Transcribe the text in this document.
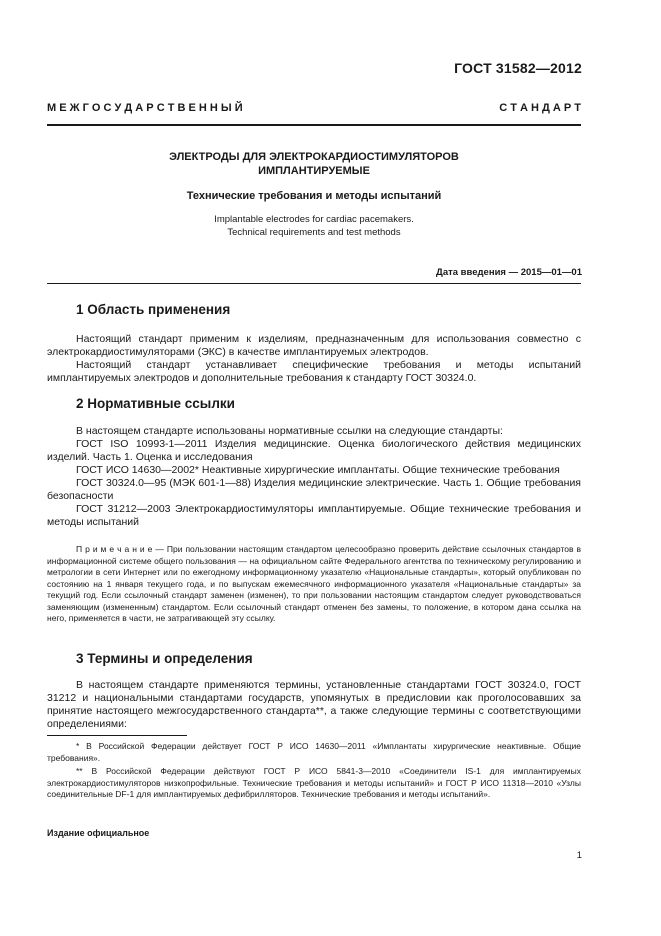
ГОСТ 31582—2012
М Е Ж Г О С У Д А Р С Т В Е Н Н Ы Й	С Т А Н Д А Р Т
ЭЛЕКТРОДЫ ДЛЯ ЭЛЕКТРОКАРДИОСТИМУЛЯТОРОВ
ИМПЛАНТИРУЕМЫЕ
Технические требования и методы испытаний
Implantable electrodes for cardiac pacemakers.
Technical requirements and test methods
Дата введения — 2015—01—01
1 Область применения

Настоящий стандарт применим к изделиям, предназначенным для использования совместно с электрокардиостимуляторами (ЭКС) в качестве имплантируемых электродов.

Настоящий стандарт устанавливает специфические требования и методы испытаний имплантируемых электродов и дополнительные требования к стандарту ГОСТ 30324.0.

2 Нормативные ссылки

В настоящем стандарте использованы нормативные ссылки на следующие стандарты:

ГОСТ ISO 10993-1—2011 Изделия медицинские. Оценка биологического действия медицинских изделий. Часть 1. Оценка и исследования

ГОСТ ИСО 14630—2002* Неактивные хирургические имплантаты. Общие технические требования

ГОСТ 30324.0—95 (МЭК 601-1—88) Изделия медицинские электрические. Часть 1. Общие требования безопасности

ГОСТ 31212—2003 Электрокардиостимуляторы имплантируемые. Общие технические требования и методы испытаний

П р и м е ч а н и е — При пользовании настоящим стандартом целесообразно проверить действие ссылочных стандартов в информационной системе общего пользования — на официальном сайте Федерального агентства по техническому регулированию и метрологии в сети Интернет или по ежегодному информационному указателю «Национальные стандарты», который опубликован по состоянию на 1 января текущего года, и по выпускам ежемесячного информационного указателя «Национальные стандарты» за текущий год. Если ссылочный стандарт заменен (изменен), то при пользовании настоящим стандартом следует руководствоваться заменяющим (измененным) стандартом. Если ссылочный стандарт отменен без замены, то положение, в котором дана ссылка на него, применяется в части, не затрагивающей эту ссылку.

3 Термины и определения

В настоящем стандарте применяются термины, установленные стандартами ГОСТ 30324.0, ГОСТ 31212 и национальными стандартами государств, упомянутых в предисловии как проголосовавших за принятие настоящего межгосударственного стандарта**, а также следующие термины с соответствующими определениями:

* В Российской Федерации действует ГОСТ Р ИСО 14630—2011 «Имплантаты хирургические неактивные. Общие требования».

** В Российской Федерации действуют ГОСТ Р ИСО 5841-3—2010 «Соединители IS-1 для имплантируемых электрокардиостимуляторов низкопрофильные. Технические требования и методы испытаний» и ГОСТ Р ИСО 11318—2010 «Узлы соединительные DF-1 для имплантируемых дефибрилляторов. Технические требования и методы испытаний».

Издание официальное
1
